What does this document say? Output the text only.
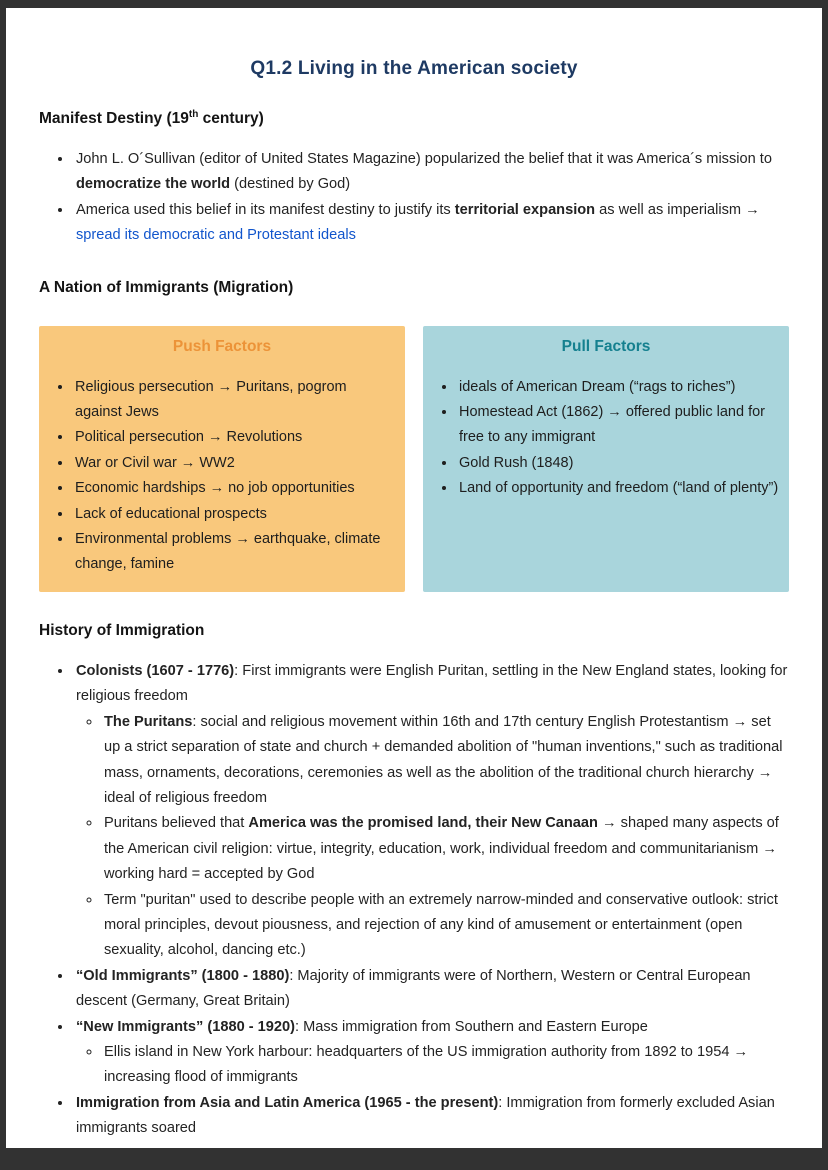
Q1.2 Living in the American society
Manifest Destiny (19th century)
• John L. O´Sullivan (editor of United States Magazine) popularized the belief that it was America´s mission to democratize the world (destined by God)
• America used this belief in its manifest destiny to justify its territorial expansion as well as imperialism → spread its democratic and Protestant ideals
A Nation of Immigrants (Migration)
Push Factors
• Religious persecution → Puritans, pogrom against Jews
• Political persecution → Revolutions
• War or Civil war → WW2
• Economic hardships → no job opportunities
• Lack of educational prospects
• Environmental problems → earthquake, climate change, famine
Pull Factors
• ideals of American Dream (“rags to riches”)
• Homestead Act (1862) → offered public land for free to any immigrant
• Gold Rush (1848)
• Land of opportunity and freedom (“land of plenty”)
History of Immigration
• Colonists (1607 - 1776): First immigrants were English Puritan, settling in the New England states, looking for religious freedom
◦ The Puritans: social and religious movement within 16th and 17th century English Protestantism → set up a strict separation of state and church + demanded abolition of "human inventions," such as traditional mass, ornaments, decorations, ceremonies as well as the abolition of the traditional church hierarchy → ideal of religious freedom
◦ Puritans believed that America was the promised land, their New Canaan → shaped many aspects of the American civil religion: virtue, integrity, education, work, individual freedom and communitarianism → working hard = accepted by God
◦ Term "puritan" used to describe people with an extremely narrow-minded and conservative outlook: strict moral principles, devout piousness, and rejection of any kind of amusement or entertainment (open sexuality, alcohol, dancing etc.)
• “Old Immigrants” (1800 - 1880): Majority of immigrants were of Northern, Western or Central European descent (Germany, Great Britain)
• “New Immigrants” (1880 - 1920): Mass immigration from Southern and Eastern Europe
◦ Ellis island in New York harbour: headquarters of the US immigration authority from 1892 to 1954 → increasing flood of immigrants
• Immigration from Asia and Latin America (1965 - the present): Immigration from formerly excluded Asian immigrants soared
